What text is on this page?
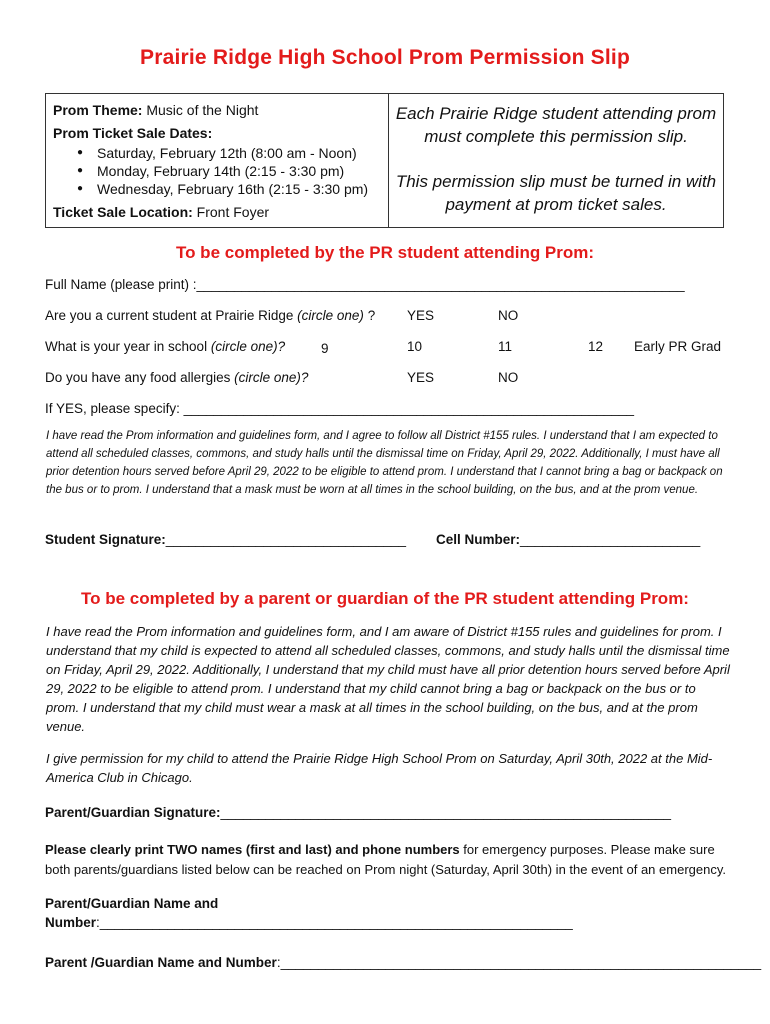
Prairie Ridge High School Prom Permission Slip
Prom Theme: Music of the Night
Prom Ticket Sale Dates:
● Saturday, February 12th (8:00 am - Noon)
● Monday, February 14th (2:15 - 3:30 pm)
● Wednesday, February 16th (2:15 - 3:30 pm)
Ticket Sale Location: Front Foyer

Each Prairie Ridge student attending prom must complete this permission slip.

This permission slip must be turned in with payment at prom ticket sales.

To be completed by the PR student attending Prom:
Full Name (please print) :_________________________________________________________________
Are you a current student at Prairie Ridge (circle one) ? YES	NO
What is your year in school (circle one)?	9	10	11	12 Early PR Grad
Do you have any food allergies (circle one)?	YES	NO
If YES, please specify: ____________________________________________________________
I have read the Prom information and guidelines form, and I agree to follow all District #155 rules. I understand that I am expected to attend all scheduled classes, commons, and study halls until the dismissal time on Friday, April 29, 2022. Additionally, I must have all prior detention hours served before April 29, 2022 to be eligible to attend prom. I understand that I cannot bring a bag or backpack on the bus or to prom. I understand that a mask must be worn at all times in the school building, on the bus, and at the prom venue.
Student Signature:________________________________ Cell Number:________________________
To be completed by a parent or guardian of the PR student attending Prom:
I have read the Prom information and guidelines form, and I am aware of District #155 rules and guidelines for prom. I understand that my child is expected to attend all scheduled classes, commons, and study halls until the dismissal time on Friday, April 29, 2022. Additionally, I understand that my child must have all prior detention hours served before April 29, 2022 to be eligible to attend prom. I understand that my child cannot bring a bag or backpack on the bus or to prom. I understand that my child must wear a mask at all times in the school building, on the bus, and at the prom venue.
I give permission for my child to attend the Prairie Ridge High School Prom on Saturday, April 30th, 2022 at the Mid-America Club in Chicago.
Parent/Guardian Signature:____________________________________________________________
Please clearly print TWO names (first and last) and phone numbers for emergency purposes. Please make sure both parents/guardians listed below can be reached on Prom night (Saturday, April 30th) in the event of an emergency.
Parent/Guardian Name and
Number:_______________________________________________________________
Parent /Guardian Name and Number:________________________________________________________________
